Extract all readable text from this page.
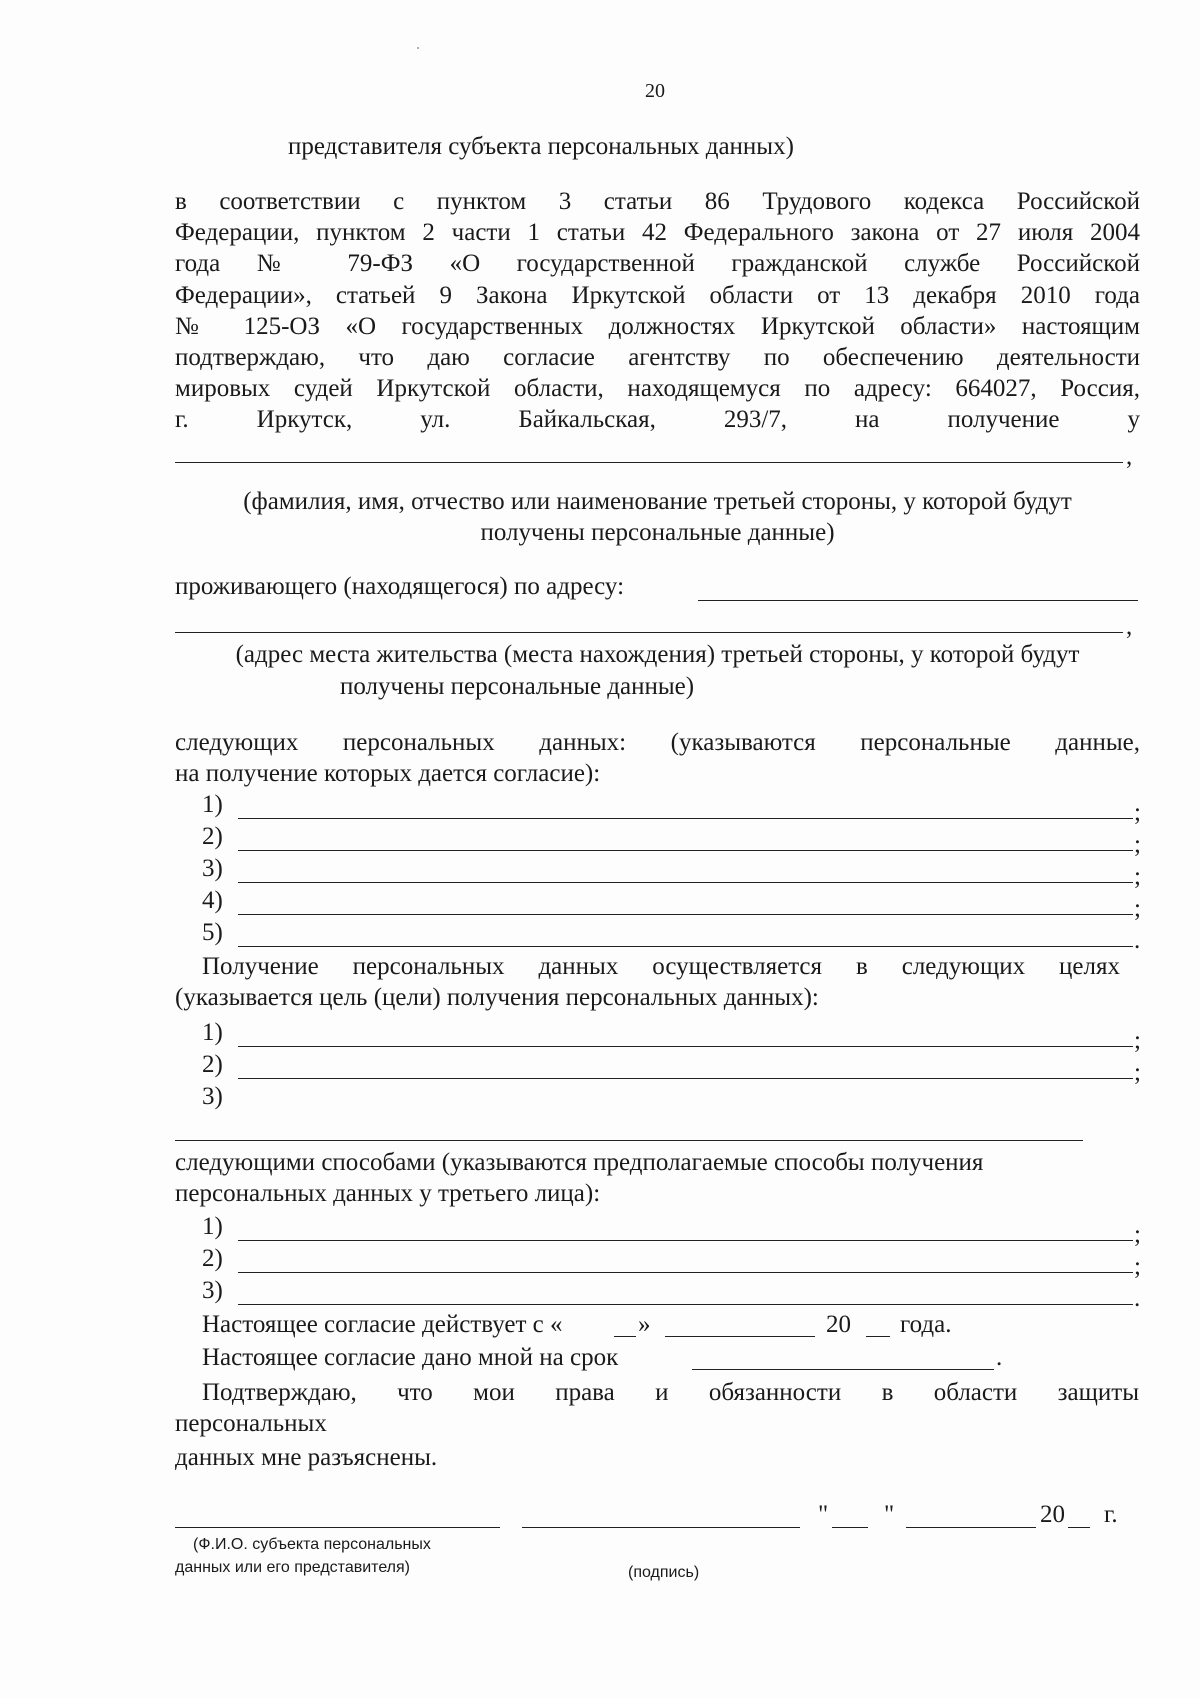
20
представителя субъекта персональных данных)
в соответствии с пунктом 3 статьи 86 Трудового кодекса Российской
Федерации, пунктом 2 части 1 статьи 42 Федерального закона от 27 июля 2004
года № 79-ФЗ «О государственной гражданской службе Российской
Федерации», статьей 9 Закона Иркутской области от 13 декабря 2010 года
№ 125-ОЗ «О государственных должностях Иркутской области» настоящим
подтверждаю, что даю согласие агентству по обеспечению деятельности
мировых судей Иркутской области, находящемуся по адресу: 664027, Россия,
г. Иркутск, ул. Байкальская, 293/7, на получение у
,
(фамилия, имя, отчество или наименование третьей стороны, у которой будут
получены персональные данные)
проживающего (находящегося) по адресу:
,
(адрес места жительства (места нахождения) третьей стороны, у которой будут
получены персональные данные)
следующих персональных данных: (указываются персональные данные,
на получение которых дается согласие):
1)	;
2)	;
3)	;
4)	;
5)	.
Получение персональных данных осуществляется в следующих целях
(указывается цель (цели) получения персональных данных):
1)	;
2)	;
3)
следующими способами (указываются предполагаемые способы получения
персональных данных у третьего лица):
1)	;
2)	;
3)	.
Настоящее согласие действует с «	»	20 года.
Настоящее согласие дано мной на срок	.
Подтверждаю, что мои права и обязанности в области защиты
персональных
данных мне разъяснены.
" "	20 г.
(Ф.И.О. субъекта персональных
данных или его представителя)	(подпись)
